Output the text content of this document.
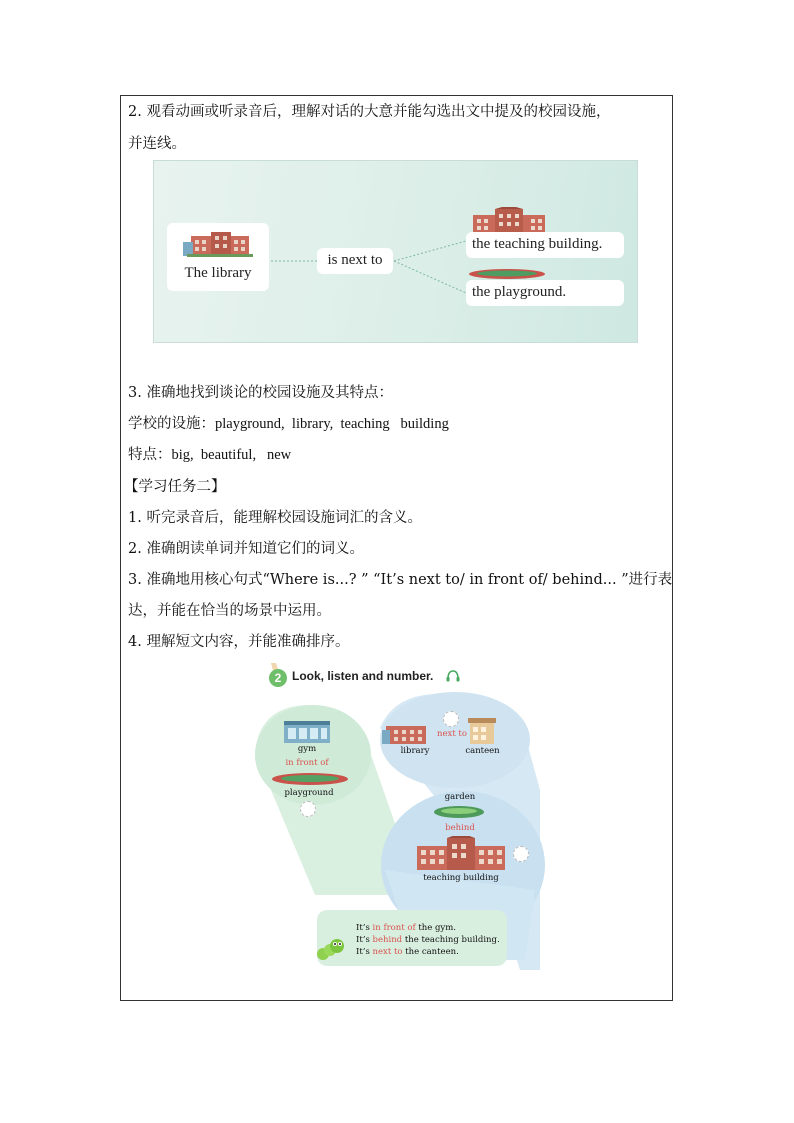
2. 观看动画或听录音后，理解对话的大意并能勾选出文中提及的校园设施，
并连线。
The library
is next to
the teaching building.
the playground.
3. 准确地找到谈论的校园设施及其特点：
学校的设施：playground,  library,  teaching   building
特点：big,  beautiful,   new
【学习任务二】
1. 听完录音后，能理解校园设施词汇的含义。
2. 准确朗读单词并知道它们的词义。
3. 准确地用核心句式“Where is...? ” “It’s next to/ in front of/ behind... ”进行表
达，并能在恰当的场景中运用。
4. 理解短文内容，并能准确排序。
2 Look, listen and number.
gym
in front of
playground
next to
library	canteen
garden
behind
teaching building
It’s in front of the gym.
It’s behind the teaching building.
It’s next to the canteen.
